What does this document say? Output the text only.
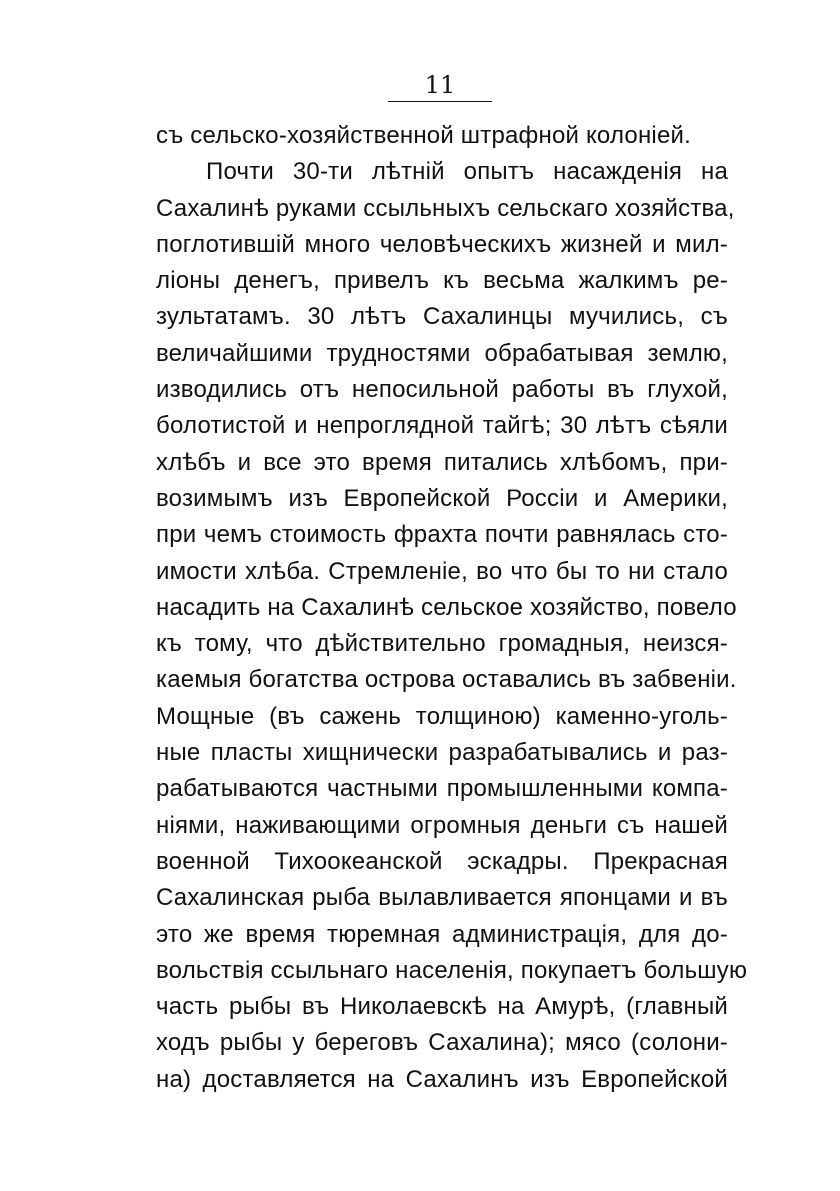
11
съ сельско-хозяйственной штрафной колоніей.
Почти 30-ти лѣтній опытъ насажденія на
Сахалинѣ руками ссыльныхъ сельскаго хозяйства,
поглотившій много человѣческихъ жизней и мил-
ліоны денегъ, привелъ къ весьма жалкимъ ре-
зультатамъ. 30 лѣтъ Сахалинцы мучились, съ
величайшими трудностями обрабатывая землю,
изводились отъ непосильной работы въ глухой,
болотистой и непроглядной тайгѣ; 30 лѣтъ сѣяли
хлѣбъ и все это время питались хлѣбомъ, при-
возимымъ изъ Европейской Россіи и Америки,
при чемъ стоимость фрахта почти равнялась сто-
имости хлѣба. Стремленіе, во что бы то ни стало
насадить на Сахалинѣ сельское хозяйство, повело
къ тому, что дѣйствительно громадныя, неизся-
каемыя богатства острова оставались въ забвеніи.
Мощные (въ сажень толщиною) каменно-уголь-
ные пласты хищнически разрабатывались и раз-
рабатываются частными промышленными компа-
ніями, наживающими огромныя деньги съ нашей
военной Тихоокеанской эскадры. Прекрасная
Сахалинская рыба вылавливается японцами и въ
это же время тюремная администрація, для до-
вольствія ссыльнаго населенія, покупаетъ большую
часть рыбы въ Николаевскѣ на Амурѣ, (главный
ходъ рыбы у береговъ Сахалина); мясо (солони-
на) доставляется на Сахалинъ изъ Европейской
